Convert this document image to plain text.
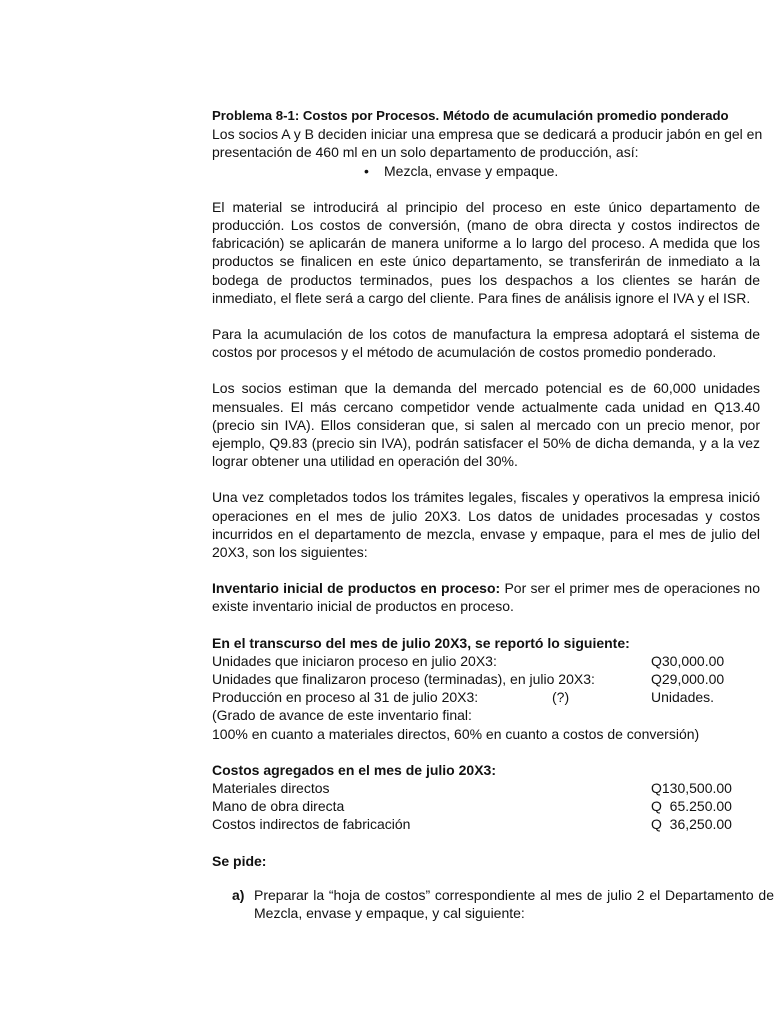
Problema 8-1: Costos por Procesos. Método de acumulación promedio ponderado
Los socios A y B deciden iniciar una empresa que se dedicará a producir jabón en gel en
presentación de 460 ml en un solo departamento de producción, así:
• Mezcla, envase y empaque.

El material se introducirá al principio del proceso en este único departamento de producción. Los costos de conversión, (mano de obra directa y costos indirectos de fabricación) se aplicarán de manera uniforme a lo largo del proceso. A medida que los productos se finalicen en este único departamento, se transferirán de inmediato a la bodega de productos terminados, pues los despachos a los clientes se harán de inmediato, el flete será a cargo del cliente. Para fines de análisis ignore el IVA y el ISR.

Para la acumulación de los cotos de manufactura la empresa adoptará el sistema de costos por procesos y el método de acumulación de costos promedio ponderado.

Los socios estiman que la demanda del mercado potencial es de 60,000 unidades mensuales. El más cercano competidor vende actualmente cada unidad en Q13.40 (precio sin IVA). Ellos consideran que, si salen al mercado con un precio menor, por ejemplo, Q9.83 (precio sin IVA), podrán satisfacer el 50% de dicha demanda, y a la vez lograr obtener una utilidad en operación del 30%.

Una vez completados todos los trámites legales, fiscales y operativos la empresa inició operaciones en el mes de julio 20X3. Los datos de unidades procesadas y costos incurridos en el departamento de mezcla, envase y empaque, para el mes de julio del 20X3, son los siguientes:

Inventario inicial de productos en proceso: Por ser el primer mes de operaciones no existe inventario inicial de productos en proceso.

En el transcurso del mes de julio 20X3, se reportó lo siguiente:
Unidades que iniciaron proceso en julio 20X3:	Q30,000.00
Unidades que finalizaron proceso (terminadas), en julio 20X3:	Q29,000.00
Producción en proceso al 31 de julio 20X3:	(?)	Unidades.
(Grado de avance de este inventario final:
100% en cuanto a materiales directos, 60% en cuanto a costos de conversión)
Costos agregados en el mes de julio 20X3:
Materiales directos	Q130,500.00
Mano de obra directa	Q  65.250.00
Costos indirectos de fabricación	Q  36,250.00
Se pide:
a) Preparar la “hoja de costos” correspondiente al mes de julio 2 el Departamento de Mezcla, envase y empaque, y cal siguiente:
